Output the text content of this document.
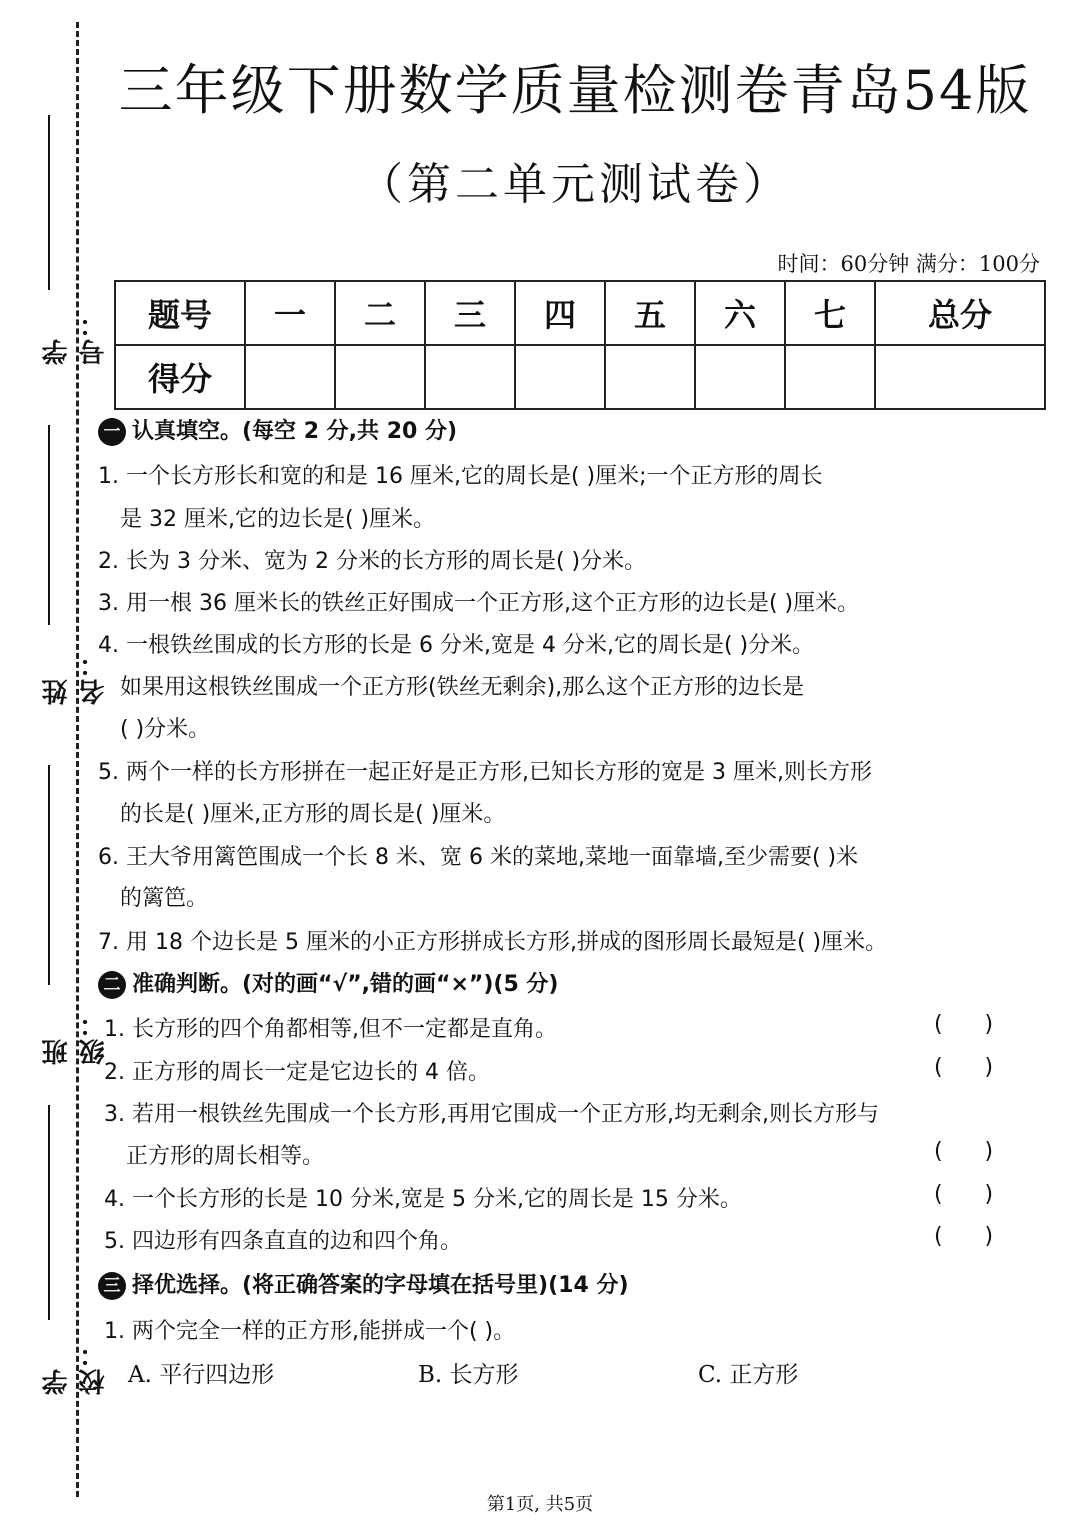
学号：
姓名：
班级：
学校：
三年级下册数学质量检测卷青岛54版
（第二单元测试卷）
时间：60分钟 满分：100分
题号	一	二	三	四	五	六	七	总分
得分								
一 认真填空。(每空 2 分,共 20 分)
1. 一个长方形长和宽的和是 16 厘米,它的周长是( )厘米;一个正方形的周长
是 32 厘米,它的边长是( )厘米。
2. 长为 3 分米、宽为 2 分米的长方形的周长是( )分米。
3. 用一根 36 厘米长的铁丝正好围成一个正方形,这个正方形的边长是( )厘米。
4. 一根铁丝围成的长方形的长是 6 分米,宽是 4 分米,它的周长是( )分米。
如果用这根铁丝围成一个正方形(铁丝无剩余),那么这个正方形的边长是
( )分米。
5. 两个一样的长方形拼在一起正好是正方形,已知长方形的宽是 3 厘米,则长方形
的长是( )厘米,正方形的周长是( )厘米。
6. 王大爷用篱笆围成一个长 8 米、宽 6 米的菜地,菜地一面靠墙,至少需要( )米
的篱笆。
7. 用 18 个边长是 5 厘米的小正方形拼成长方形,拼成的图形周长最短是( )厘米。
二 准确判断。(对的画“√”,错的画“×”)(5 分)
1. 长方形的四个角都相等,但不一定都是直角。	(      )
2. 正方形的周长一定是它边长的 4 倍。	(      )
3. 若用一根铁丝先围成一个长方形,再用它围成一个正方形,均无剩余,则长方形与
正方形的周长相等。	(      )
4. 一个长方形的长是 10 分米,宽是 5 分米,它的周长是 15 分米。	(      )
5. 四边形有四条直直的边和四个角。	(      )
三 择优选择。(将正确答案的字母填在括号里)(14 分)
1. 两个完全一样的正方形,能拼成一个( )。
A. 平行四边形	B. 长方形	C. 正方形
第1页, 共5页
